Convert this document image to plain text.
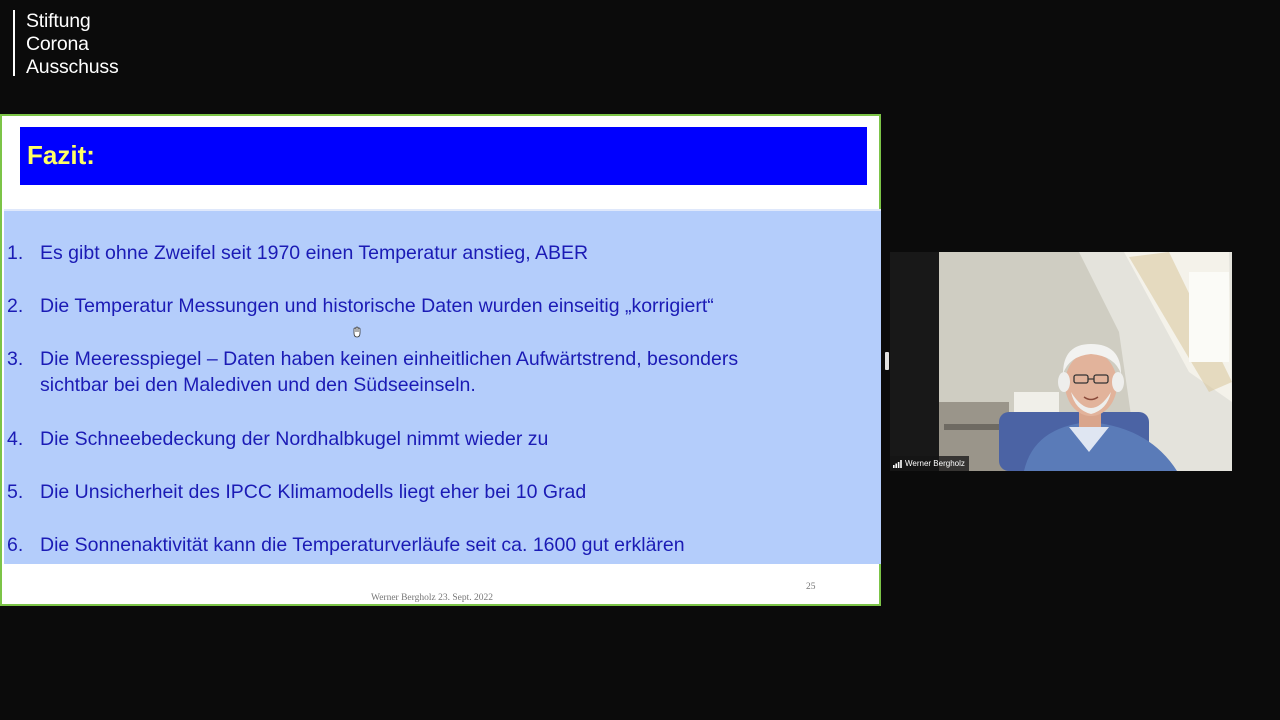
Stiftung
Corona
Ausschuss
Fazit:
1. Es gibt ohne Zweifel seit 1970 einen Temperatur anstieg, ABER
2. Die Temperatur Messungen und historische Daten wurden einseitig „korrigiert“
3. Die Meeresspiegel – Daten haben keinen einheitlichen Aufwärtstrend, besonders
sichtbar bei den Malediven und den Südseeinseln.
4. Die Schneebedeckung der Nordhalbkugel nimmt wieder zu
5. Die Unsicherheit des IPCC Klimamodells liegt eher bei 10 Grad
6. Die Sonnenaktivität kann die Temperaturverläufe seit ca. 1600 gut erklären
Werner Bergholz 23. Sept. 2022
25
Werner Bergholz
